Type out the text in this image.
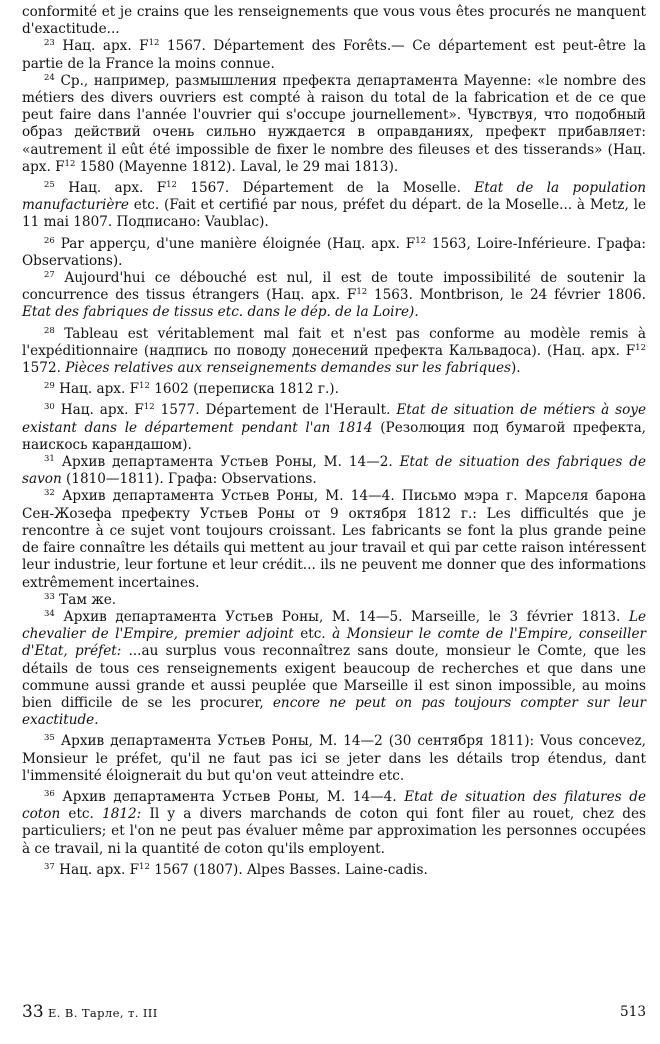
conformité et je crains que les renseignements que vous vous êtes procurés ne manquent d'exactitude...

$^{23}$ Нац. арх. $F^{12}$ 1567. Département des Forêts.— Ce département est peut-être la partie de la France la moins connue.

$^{24}$ Ср., например, размышления префекта департамента Mayenne: «le nombre des métiers des divers ouvriers est compté à raison du total de la fabrication et de ce que peut faire dans l'année l'ouvrier qui s'occupe journellement». Чувствуя, что подобный образ действий очень сильно нуждается в оправданиях, префект прибавляет: «autrement il eût été impossible de fixer le nombre des fileuses et des tisserands» (Нац. арх. $F^{12}$ 1580 (Mayenne 1812). Laval, le 29 mai 1813).

$^{25}$ Нац. арх. $F^{12}$ 1567. Département de la Moselle. Etat de la population manufacturière etc. (Fait et certifié par nous, préfet du départ. de la Moselle... à Metz, le 11 mai 1807. Подписано: Vaublac).

$^{26}$ Par apperçu, d'une manière éloignée (Нац. арх. $F^{12}$ 1563, Loire-Inférieure. Графа: Observations).

$^{27}$ Aujourd'hui ce débouché est nul, il est de toute impossibilité de soutenir la concurrence des tissus étrangers (Нац. арх. $F^{12}$ 1563. Montbrison, le 24 février 1806. Etat des fabriques de tissus etc. dans le dép. de la Loire).

$^{28}$ Tableau est véritablement mal fait et n'est pas conforme au modèle remis à l'expéditionnaire (надпись по поводу донесений префекта Кальвадоса). (Нац. арх. $F^{12}$ 1572. Pièces relatives aux renseignements demandes sur les fabriques).

$^{29}$ Нац. арх. $F^{12}$ 1602 (переписка 1812 г.).

$^{30}$ Нац. арх. $F^{12}$ 1577. Département de l'Herault. Etat de situation de métiers à soye existant dans le département pendant l'an 1814 (Резолюция под бумагой префекта, наискось карандашом).

$^{31}$ Архив департамента Устьев Роны, М. 14—2. Etat de situation des fabriques de savon (1810—1811). Графа: Observations.

$^{32}$ Архив департамента Устьев Роны, М. 14—4. Письмо мэра г. Марселя барона Сен-Жозефа префекту Устьев Роны от 9 октября 1812 г.: Les difficultés que je rencontre à ce sujet vont toujours croissant. Les fabricants se font la plus grande peine de faire connaître les détails qui mettent au jour travail et qui par cette raison intéressent leur industrie, leur fortune et leur crédit... ils ne peuvent me donner que des informations extrêmement incertaines.

$^{33}$ Там же.

$^{34}$ Архив департамента Устьев Роны, М. 14—5. Marseille, le 3 février 1813. Le chevalier de l'Empire, premier adjoint etc. à Monsieur le comte de l'Empire, conseiller d'Etat, préfet: ...au surplus vous reconnaîtrez sans doute, monsieur le Comte, que les détails de tous ces renseignements exigent beaucoup de recherches et que dans une commune aussi grande et aussi peuplée que Marseille il est sinon impossible, au moins bien difficile de se les procurer, encore ne peut on pas toujours compter sur leur exactitude.

$^{35}$ Архив департамента Устьев Роны, М. 14—2 (30 сентября 1811): Vous concevez, Monsieur le préfet, qu'il ne faut pas ici se jeter dans les détails trop étendus, dant l'immensité éloignerait du but qu'on veut atteindre etc.

$^{36}$ Архив департамента Устьев Роны, М. 14—4. Etat de situation des filatures de coton etc. 1812: Il y a divers marchands de coton qui font filer au rouet, chez des particuliers; et l'on ne peut pas évaluer même par approximation les personnes occupées à ce travail, ni la quantité de coton qu'ils employent.

$^{37}$ Нац. арх. $F^{12}$ 1567 (1807). Alpes Basses. Laine-cadis.

33 Е. В. Тарле, т. III	513
